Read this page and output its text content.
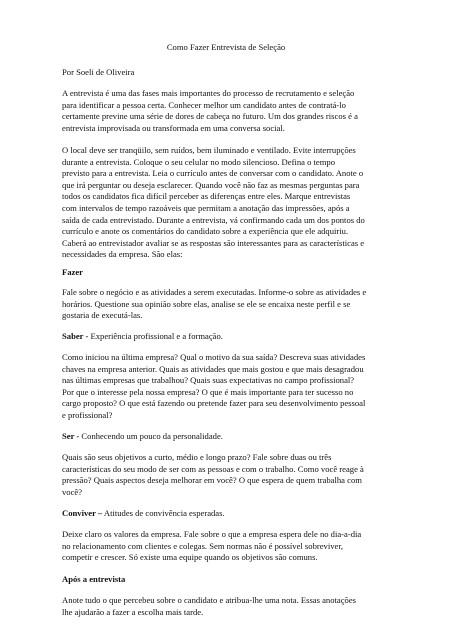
Como Fazer Entrevista de Seleção
Por Soeli de Oliveira
A entrevista é uma das fases mais importantes do processo de recrutamento e seleção
para identificar a pessoa certa. Conhecer melhor um candidato antes de contratá-lo
certamente previne uma série de dores de cabeça no futuro. Um dos grandes riscos é a
entrevista improvisada ou transformada em uma conversa social.
O local deve ser tranqüilo, sem ruídos, bem iluminado e ventilado. Evite interrupções
durante a entrevista. Coloque o seu celular no modo silencioso. Defina o tempo
previsto para a entrevista. Leia o currículo antes de conversar com o candidato. Anote o
que irá perguntar ou deseja esclarecer. Quando você não faz as mesmas perguntas para
todos os candidatos fica difícil perceber as diferenças entre eles. Marque entrevistas
com intervalos de tempo razoáveis que permitam a anotação das impressões, após a
saída de cada entrevistado. Durante a entrevista, vá confirmando cada um dos pontos do
currículo e anote os comentários do candidato sobre a experiência que ele adquiriu.
Caberá ao entrevistador avaliar se as respostas são interessantes para as características e
necessidades da empresa. São elas:
Fazer
Fale sobre o negócio e as atividades a serem executadas. Informe-o sobre as atividades e
horários. Questione sua opinião sobre elas, analise se ele se encaixa neste perfil e se
gostaria de executá-las.
Saber - Experiência profissional e a formação.
Como iniciou na última empresa? Qual o motivo da sua saída? Descreva suas atividades
chaves na empresa anterior. Quais as atividades que mais gostou e que mais desagradou
nas últimas empresas que trabalhou? Quais suas expectativas no campo profissional?
Por que o interesse pela nossa empresa? O que é mais importante para ter sucesso no
cargo proposto? O que está fazendo ou pretende fazer para seu desenvolvimento pessoal
e profissional?
Ser - Conhecendo um pouco da personalidade.
Quais são seus objetivos a curto, médio e longo prazo? Fale sobre duas ou três
características do seu modo de ser com as pessoas e com o trabalho. Como você reage à
pressão? Quais aspectos deseja melhorar em você? O que espera de quem trabalha com
você?
Conviver – Atitudes de convivência esperadas.
Deixe claro os valores da empresa. Fale sobre o que a empresa espera dele no dia-a-dia
no relacionamento com clientes e colegas. Sem normas não é possível sobreviver,
competir e crescer. Só existe uma equipe quando os objetivos são comuns.
Após a entrevista
Anote tudo o que percebeu sobre o candidato e atribua-lhe uma nota. Essas anotações
lhe ajudarão a fazer a escolha mais tarde.
